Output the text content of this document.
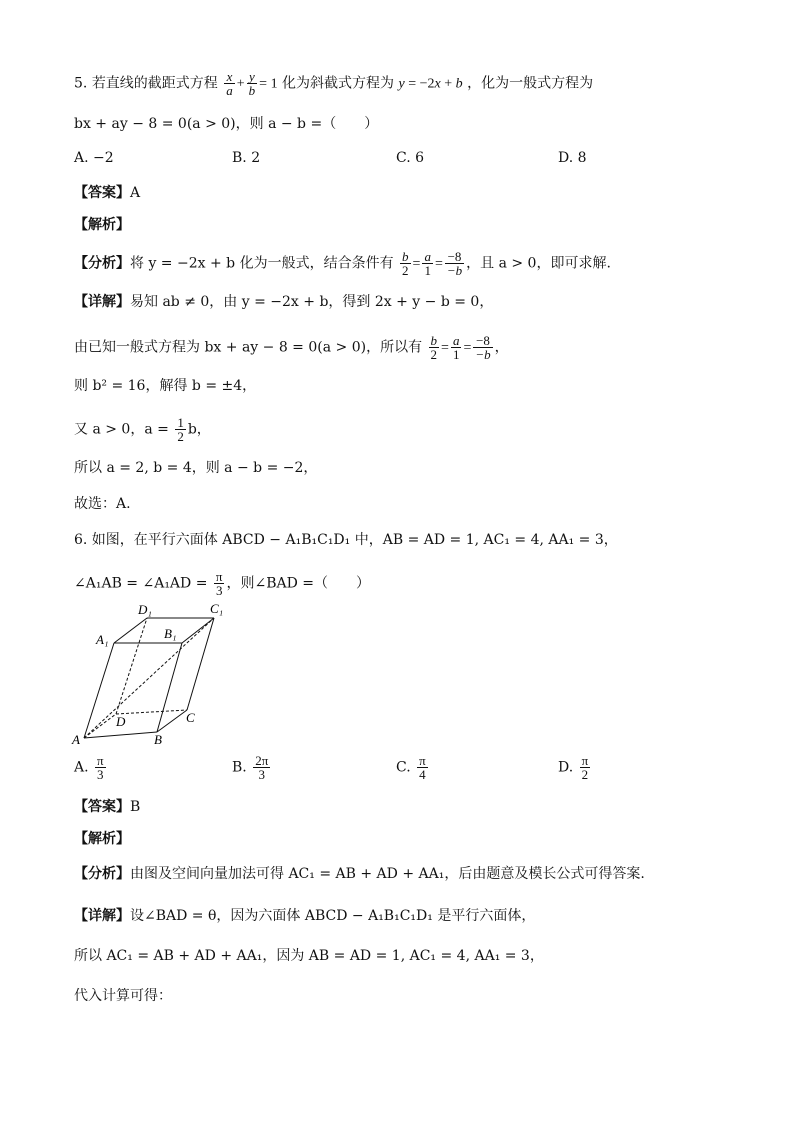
5. 若直线的截距式方程 $\frac{x}{a} + \frac{y}{b} = 1$ 化为斜截式方程为 y = −2x + b ，化为一般式方程为
bx + ay − 8 = 0(a > 0)，则 a − b =（　　）
A. −2	B. 2	C. 6	D. 8
【答案】A
【解析】
【分析】将 y = −2x + b 化为一般式，结合条件有 $\frac{b}{2} = \frac{a}{1} = \frac{-8}{-b}$ ，且 a > 0，即可求解.
【详解】易知 ab ≠ 0，由 y = −2x + b，得到 2x + y − b = 0，
由已知一般式方程为 bx + ay − 8 = 0(a > 0)，所以有 $\frac{b}{2} = \frac{a}{1} = \frac{-8}{-b}$ ，
则 b² = 16，解得 b = ±4，
又 a > 0，$a = \frac{1}{2}$ b，
所以 a = 2, b = 4，则 a − b = −2，
故选：A.
6. 如图，在平行六面体 ABCD − A₁B₁C₁D₁ 中，AB = AD = 1, AC₁ = 4, AA₁ = 3，
∠A₁AB = ∠A₁AD = $\frac{\pi}{3}$ ，则∠BAD =（　　）
D₁	C₁
A₁	B₁
D	C
A	B
A. $\frac{\pi}{3}$	B. $\frac{2\pi}{3}$	C. $\frac{\pi}{4}$	D. $\frac{\pi}{2}$
【答案】B
【解析】
【分析】由图及空间向量加法可得 AC₁ = AB + AD + AA₁，后由题意及模长公式可得答案.
【详解】设∠BAD = θ，因为六面体 ABCD − A₁B₁C₁D₁ 是平行六面体，
所以 AC₁ = AB + AD + AA₁，因为 AB = AD = 1, AC₁ = 4, AA₁ = 3，
代入计算可得：
